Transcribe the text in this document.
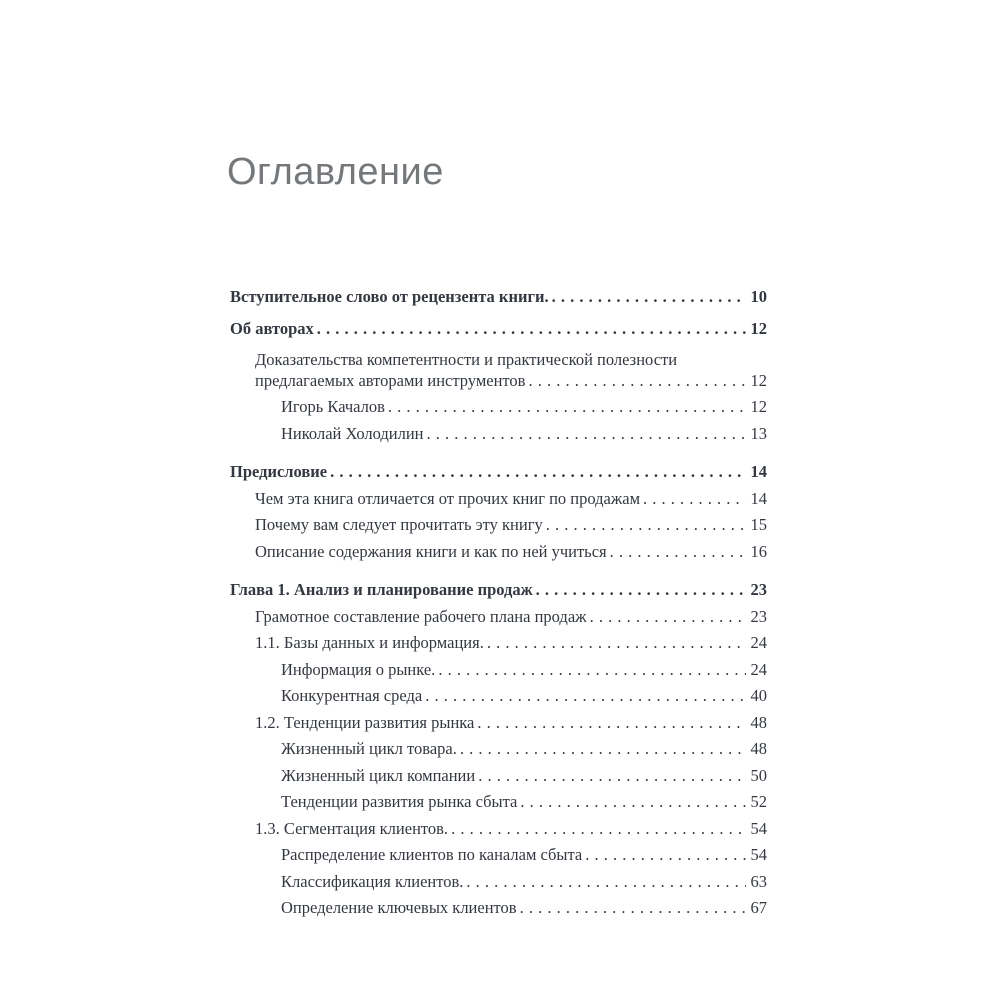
Оглавление
Вступительное слово от рецензента книги. . . .	10
Об авторах . . .	12
Доказательства компетентности и практической полезности
предлагаемых авторами инструментов . . .	12
Игорь Качалов . . .	12
Николай Холодилин . . .	13
Предисловие . . .	14
Чем эта книга отличается от прочих книг по продажам . . .	14
Почему вам следует прочитать эту книгу . . .	15
Описание содержания книги и как по ней учиться . . .	16
Глава 1. Анализ и планирование продаж . . .	23
Грамотное составление рабочего плана продаж . . .	23
1.1. Базы данных и информация. . . .	24
Информация о рынке. . . .	24
Конкурентная среда . . .	40
1.2. Тенденции развития рынка . . .	48
Жизненный цикл товара. . . .	48
Жизненный цикл компании . . .	50
Тенденции развития рынка сбыта . . .	52
1.3. Сегментация клиентов. . . .	54
Распределение клиентов по каналам сбыта . . .	54
Классификация клиентов. . . .	63
Определение ключевых клиентов . . .	67
